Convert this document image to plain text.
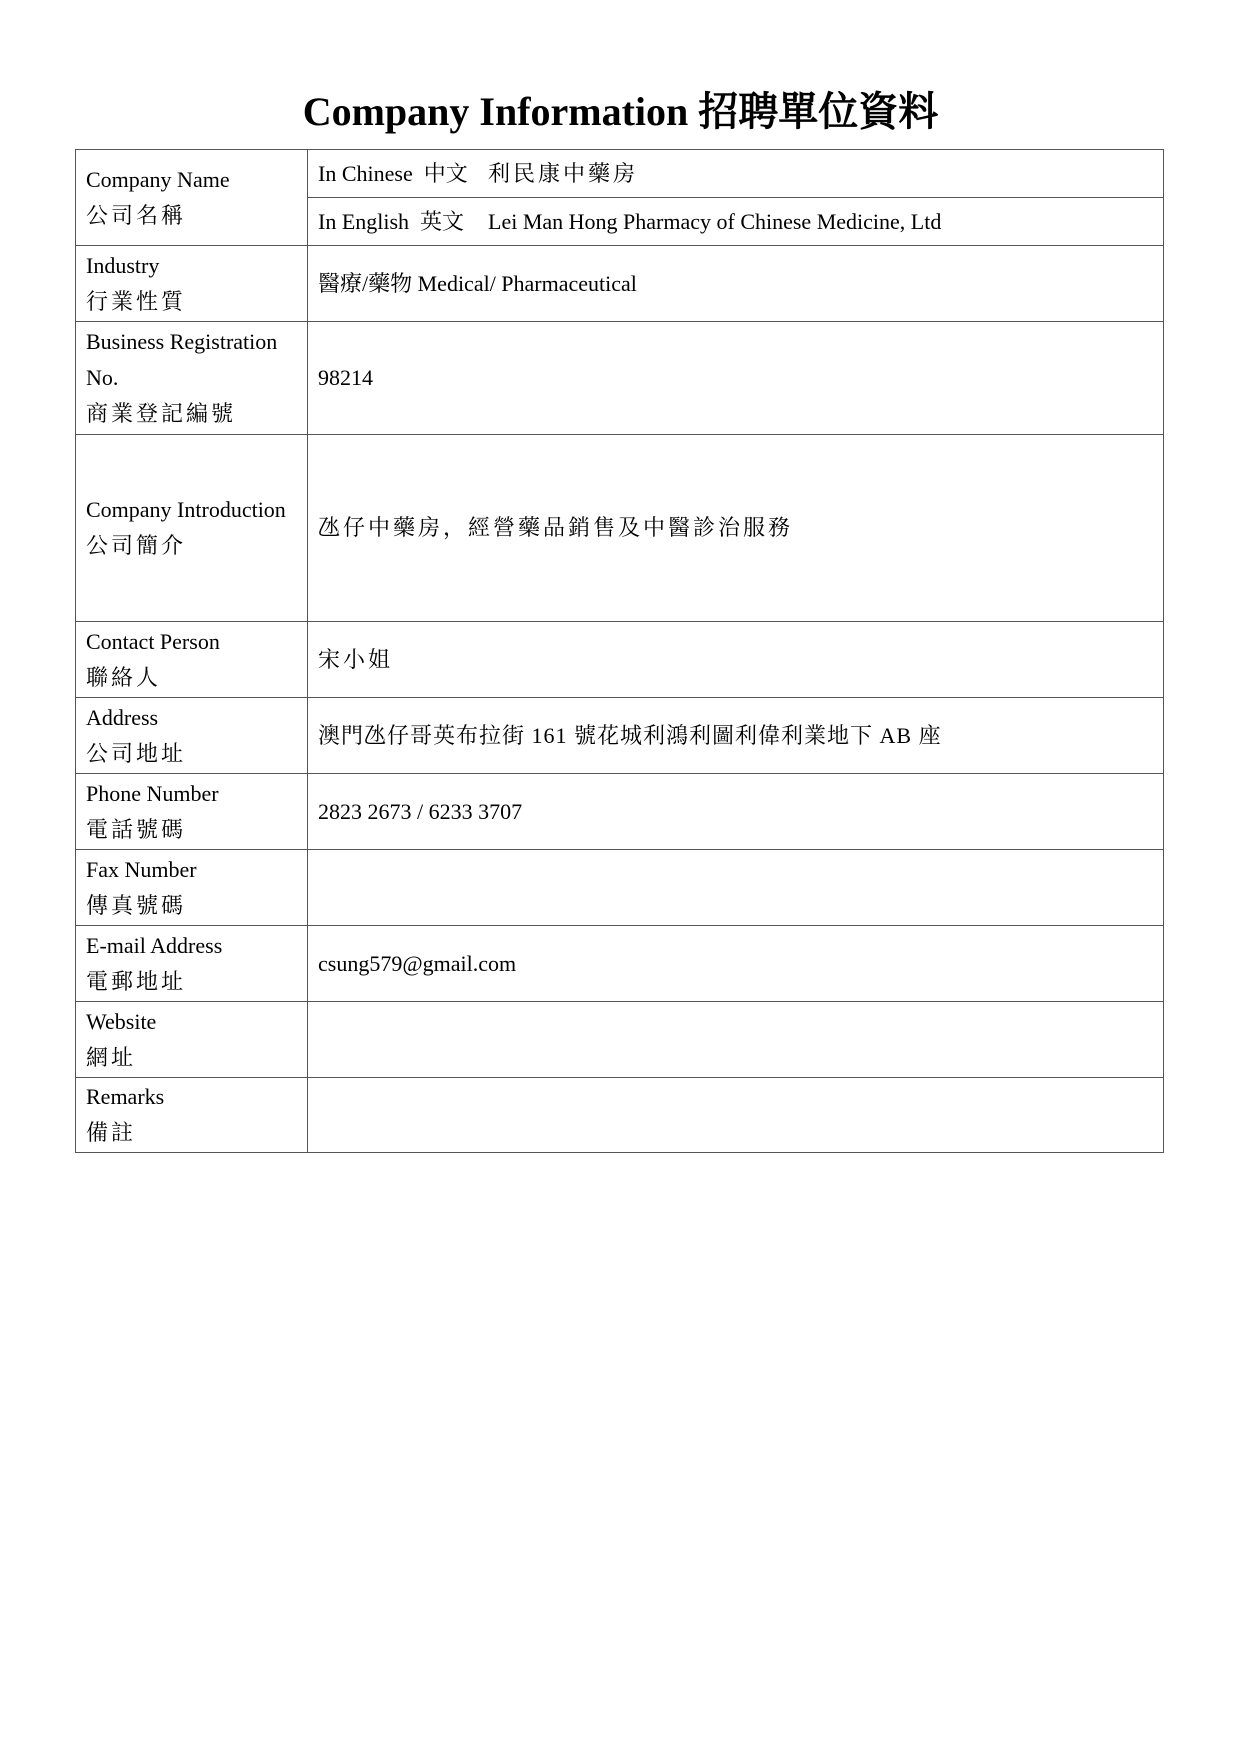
Company Information 招聘單位資料
Company Name
公司名稱	In Chinese  中文	利民康中藥房
	In English  英文	Lei Man Hong Pharmacy of Chinese Medicine, Ltd

Industry
行業性質	醫療/藥物 Medical/ Pharmaceutical	

Business Registration No.
商業登記編號	98214	

Company Introduction
公司簡介	氹仔中藥房，經營藥品銷售及中醫診治服務	

Contact Person
聯絡人	宋小姐	

Address
公司地址	澳門氹仔哥英布拉街 161 號花城利鴻利圖利偉利業地下 AB 座	

Phone Number
電話號碼	2823 2673 / 6233 3707	

Fax Number
傳真號碼		

E-mail Address
電郵地址	csung579@gmail.com	

Website
網址		

Remarks
備註		
